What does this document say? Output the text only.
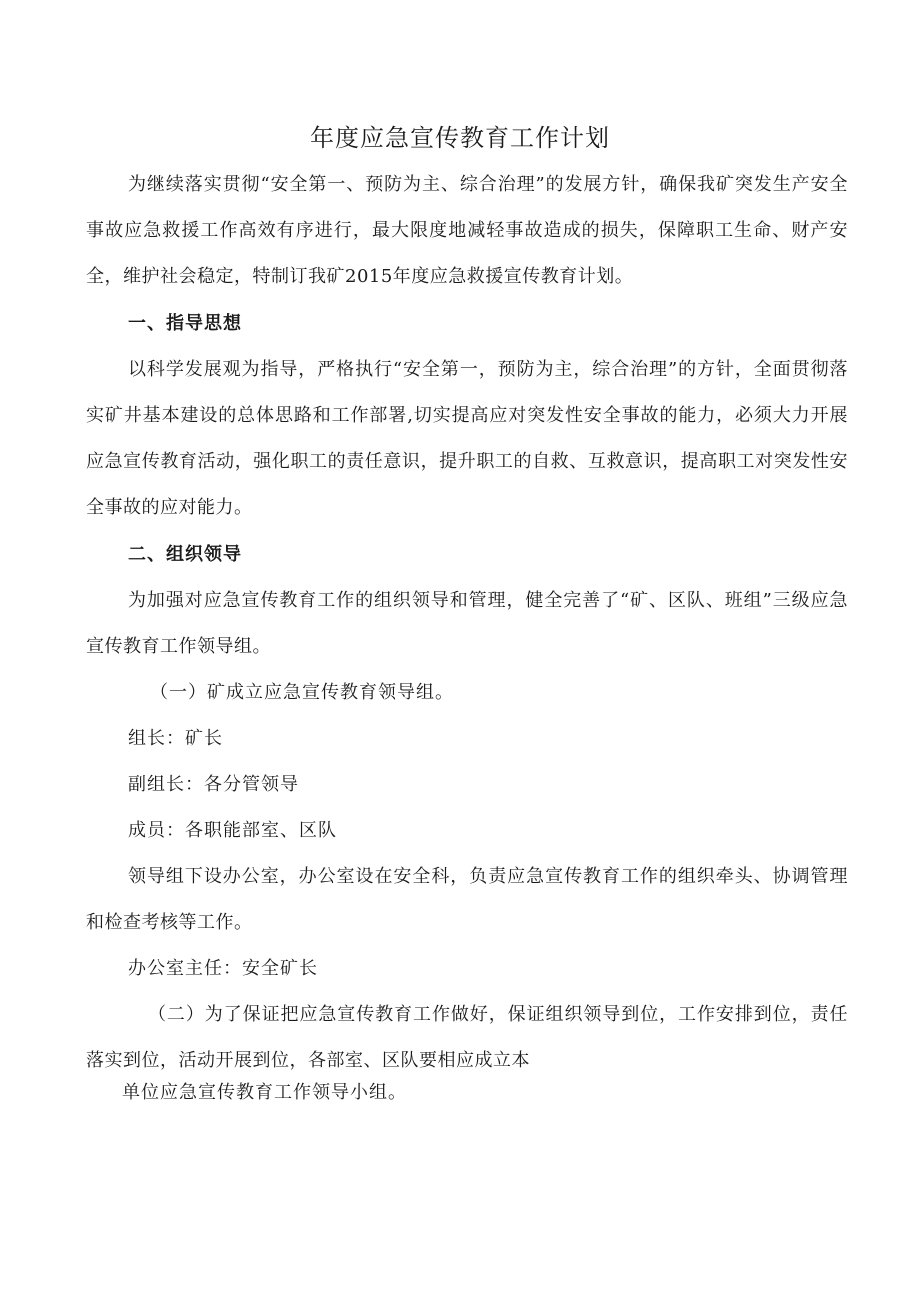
年度应急宣传教育工作计划

为继续落实贯彻“安全第一、预防为主、综合治理”的发展方针，确保我矿突发生产安全事故应急救援工作高效有序进行，最大限度地减轻事故造成的损失，保障职工生命、财产安全，维护社会稳定，特制订我矿2015年度应急救援宣传教育计划。

一、指导思想

以科学发展观为指导，严格执行“安全第一，预防为主，综合治理”的方针，全面贯彻落实矿井基本建设的总体思路和工作部署,切实提高应对突发性安全事故的能力，必须大力开展应急宣传教育活动，强化职工的责任意识，提升职工的自救、互救意识，提高职工对突发性安全事故的应对能力。

二、组织领导

为加强对应急宣传教育工作的组织领导和管理，健全完善了“矿、区队、班组”三级应急宣传教育工作领导组。

（一）矿成立应急宣传教育领导组。

组长：矿长

副组长：各分管领导

成员：各职能部室、区队

领导组下设办公室，办公室设在安全科，负责应急宣传教育工作的组织牵头、协调管理和检查考核等工作。

办公室主任：安全矿长

（二）为了保证把应急宣传教育工作做好，保证组织领导到位，工作安排到位，责任落实到位，活动开展到位，各部室、区队要相应成立本

单位应急宣传教育工作领导小组。
